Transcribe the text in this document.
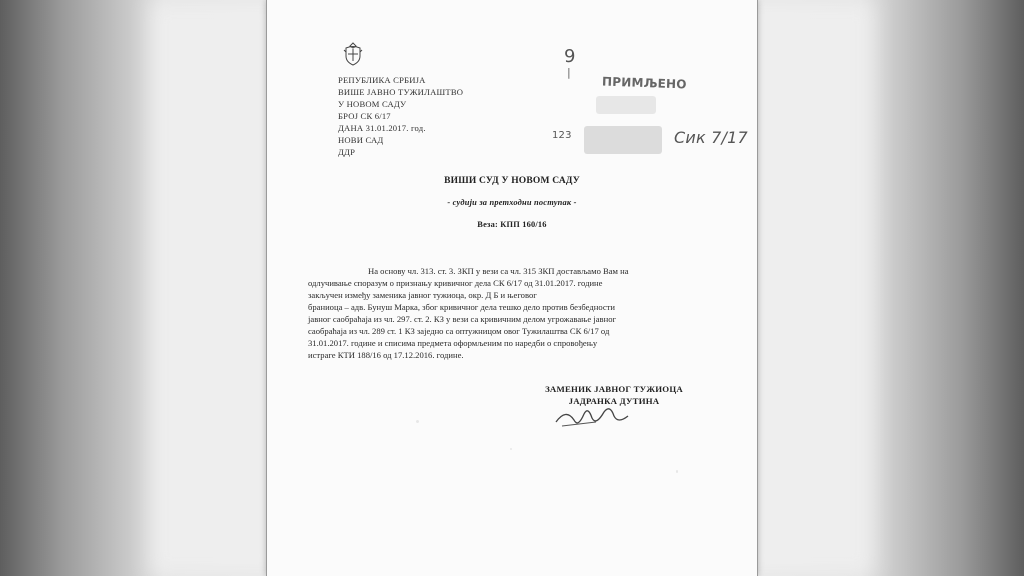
РЕПУБЛИКА СРБИЈА
ВИШЕ ЈАВНО ТУЖИЛАШТВО
У НОВОМ САДУ
БРОЈ СК 6/17
ДАНА 31.01.2017. год.
НОВИ САД
ДДР
9
|
ПРИМЉЕНО
123	Сик 7/17
ВИШИ СУД У НОВОМ САДУ
- судији за претходни поступак -
Веза: КПП 160/16
На основу чл. 313. ст. 3. ЗКП у вези са чл. 315 ЗКП достављамо Вам на
одлучивање споразум о признању кривичног дела СК 6/17 од 31.01.2017. године
закључен између заменика јавног тужиоца, окр. Д Б и његовог
браниоца – адв. Бунуш Марка, због кривичног дела тешко дело против безбедности
јавног саобраћаја из чл. 297. ст. 2. КЗ у вези са кривичним делом угрожавање јавног
саобраћаја из чл. 289 ст. 1 КЗ заједно са оптужницом овог Тужилаштва СК 6/17 од
31.01.2017. године и списима предмета оформљеним по наредби о спровођењу
истраге КТИ 188/16 од 17.12.2016. године.
ЗАМЕНИК ЈАВНОГ ТУЖИОЦА
ЈАДРАНКА ДУТИНА
